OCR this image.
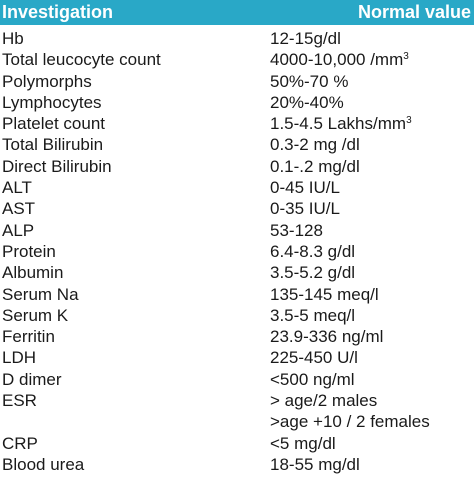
Investigation	Normal value
Hb	12-15g/dl
Total leucocyte count	4000-10,000 $/mm^3$
Polymorphs	50%-70 %
Lymphocytes	20%-40%
Platelet count	1.5-4.5 Lakhs/$mm^3$
Total Bilirubin	0.3-2 mg /dl
Direct Bilirubin	0.1-.2 mg/dl
ALT	0-45 IU/L
AST	0-35 IU/L
ALP	53-128
Protein	6.4-8.3 g/dl
Albumin	3.5-5.2 g/dl
Serum Na	135-145 meq/l
Serum K	3.5-5 meq/l
Ferritin	23.9-336 ng/ml
LDH	225-450 U/l
D dimer	<500 ng/ml
ESR	> age/2 males
>age +10 / 2 females
CRP	<5 mg/dl
Blood urea	18-55 mg/dl
